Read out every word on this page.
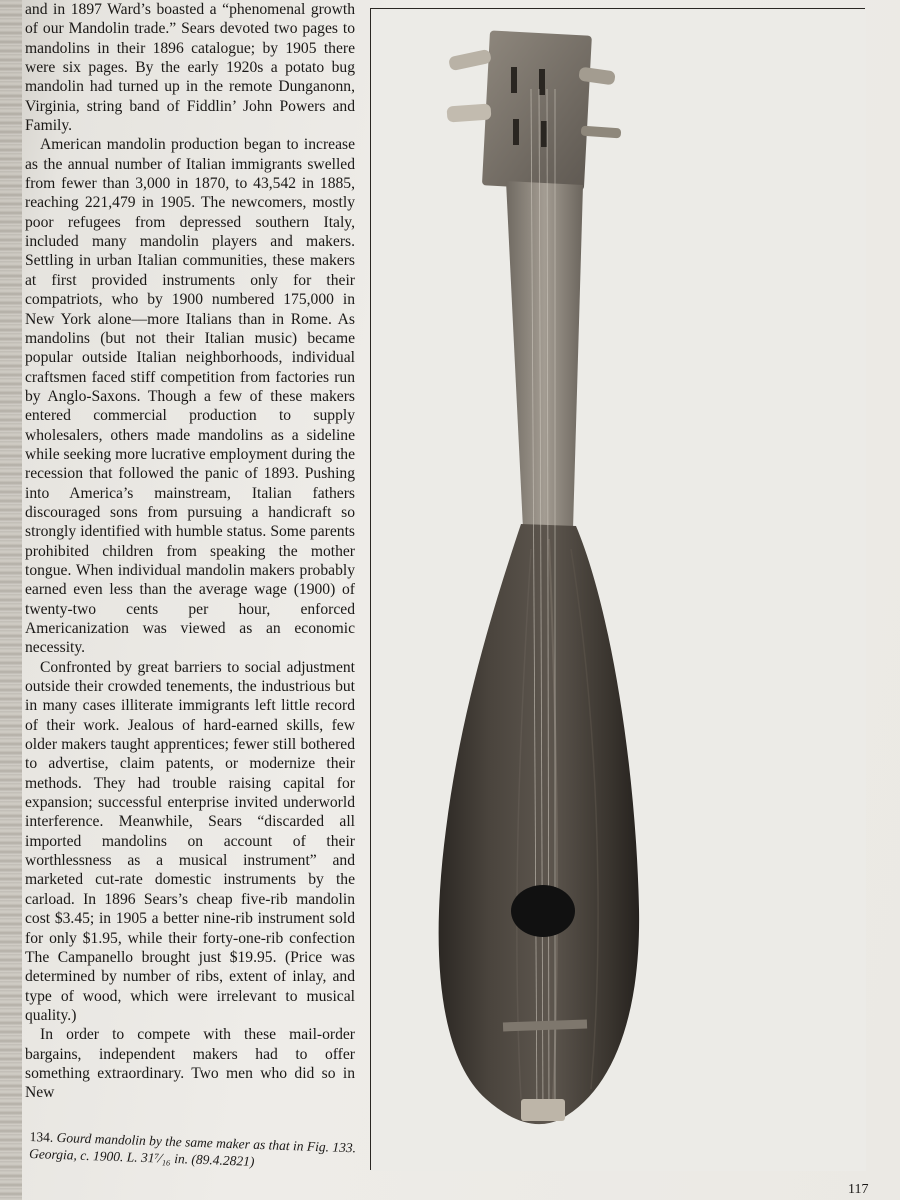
and in 1897 Ward’s boasted a “phenomenal growth of our Mandolin trade.” Sears devoted two pages to mandolins in their 1896 catalogue; by 1905 there were six pages. By the early 1920s a potato bug mandolin had turned up in the remote Dunganonn, Virginia, string band of Fiddlin’ John Powers and Family.

American mandolin production began to increase as the annual number of Italian immigrants swelled from fewer than 3,000 in 1870, to 43,542 in 1885, reaching 221,479 in 1905. The newcomers, mostly poor refugees from depressed southern Italy, included many mandolin players and makers. Settling in urban Italian communities, these makers at first provided instruments only for their compatriots, who by 1900 numbered 175,000 in New York alone—more Italians than in Rome. As mandolins (but not their Italian music) became popular outside Italian neighborhoods, individual craftsmen faced stiff competition from factories run by Anglo-Saxons. Though a few of these makers entered commercial production to supply wholesalers, others made mandolins as a sideline while seeking more lucrative employment during the recession that followed the panic of 1893. Pushing into America’s mainstream, Italian fathers discouraged sons from pursuing a handicraft so strongly identified with humble status. Some parents prohibited children from speaking the mother tongue. When individual mandolin makers probably earned even less than the average wage (1900) of twenty-two cents per hour, enforced Americanization was viewed as an economic necessity.

Confronted by great barriers to social adjustment outside their crowded tenements, the industrious but in many cases illiterate immigrants left little record of their work. Jealous of hard-earned skills, few older makers taught apprentices; fewer still bothered to advertise, claim patents, or modernize their methods. They had trouble raising capital for expansion; successful enterprise invited underworld interference. Meanwhile, Sears “discarded all imported mandolins on account of their worthlessness as a musical instrument” and marketed cut-rate domestic instruments by the carload. In 1896 Sears’s cheap five-rib mandolin cost $3.45; in 1905 a better nine-rib instrument sold for only $1.95, while their forty-one-rib confection The Campanello brought just $19.95. (Price was determined by number of ribs, extent of inlay, and type of wood, which were irrelevant to musical quality.)

In order to compete with these mail-order bargains, independent makers had to offer something extraordinary. Two men who did so in New

134. Gourd mandolin by the same maker as that in Fig. 133. Georgia, c. 1900. L. 31⁷⁄₁₆ in. (89.4.2821)
117
